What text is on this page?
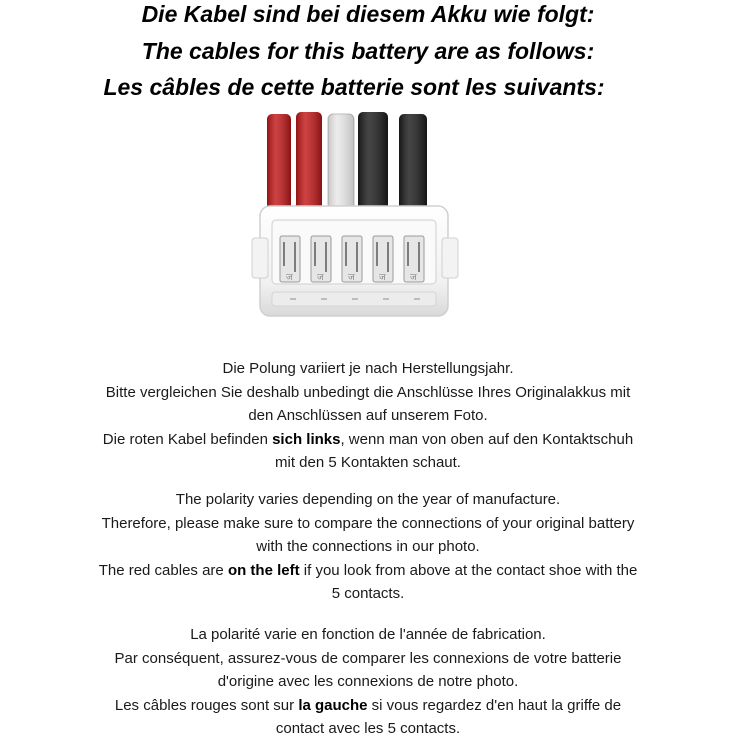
Die Kabel sind bei diesem Akku wie folgt:
The cables for this battery are as follows:
Les câbles de cette batterie sont les suivants:
ज	ज	ज	ज	ज

Die Polung variiert je nach Herstellungsjahr.

Bitte vergleichen Sie deshalb unbedingt die Anschlüsse Ihres Originalakkus mit

den Anschlüssen auf unserem Foto.

Die roten Kabel befinden sich links, wenn man von oben auf den Kontaktschuh

mit den 5 Kontakten schaut.

The polarity varies depending on the year of manufacture.

Therefore, please make sure to compare the connections of your original battery

with the connections in our photo.

The red cables are on the left if you look from above at the contact shoe with the

5 contacts.

La polarité varie en fonction de l'année de fabrication.

Par conséquent, assurez-vous de comparer les connexions de votre batterie

d'origine avec les connexions de notre photo.

Les câbles rouges sont sur la gauche si vous regardez d'en haut la griffe de

contact avec les 5 contacts.
